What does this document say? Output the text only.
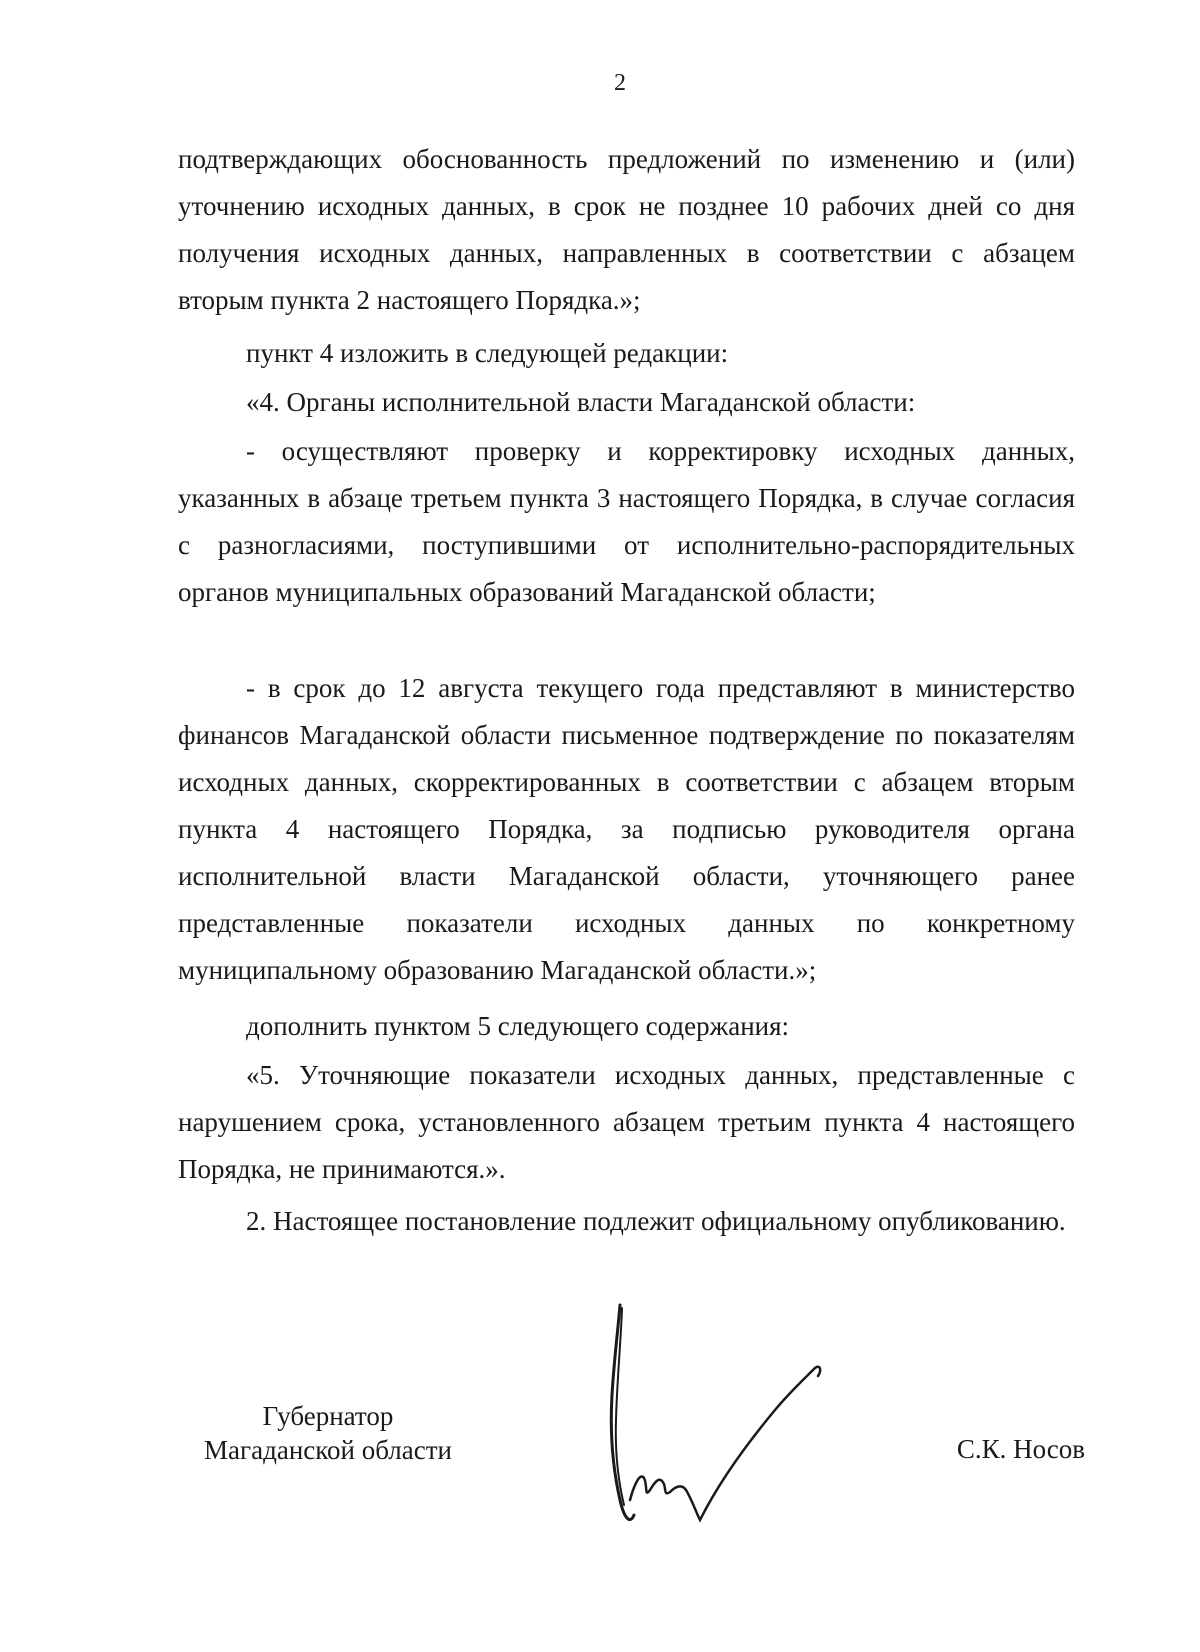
2

подтверждающих обоснованность предложений по изменению и (или) уточнению исходных данных, в срок не позднее 10 рабочих дней со дня получения исходных данных, направленных в соответствии с абзацем вторым пункта 2 настоящего Порядка.»;

пункт 4 изложить в следующей редакции:

«4. Органы исполнительной власти Магаданской области:

- осуществляют проверку и корректировку исходных данных, указанных в абзаце третьем пункта 3 настоящего Порядка, в случае согласия с разногласиями, поступившими от исполнительно-распорядительных органов муниципальных образований Магаданской области;

- в срок до 12 августа текущего года представляют в министерство финансов Магаданской области письменное подтверждение по показателям исходных данных, скорректированных в соответствии с абзацем вторым пункта 4 настоящего Порядка, за подписью руководителя органа исполнительной власти Магаданской области, уточняющего ранее представленные показатели исходных данных по конкретному муниципальному образованию Магаданской области.»;

дополнить пунктом 5 следующего содержания:

«5. Уточняющие показатели исходных данных, представленные с нарушением срока, установленного абзацем третьим пункта 4 настоящего Порядка, не принимаются.».

2. Настоящее постановление подлежит официальному опубликованию.

Губернатор
Магаданской области	С.К. Носов
